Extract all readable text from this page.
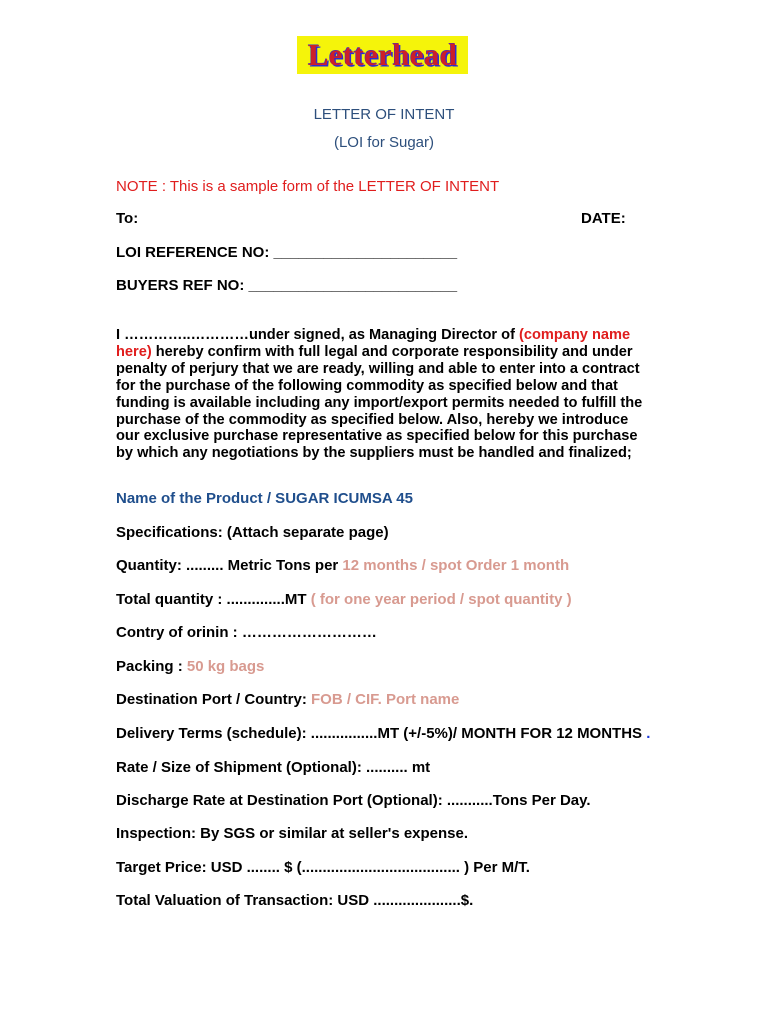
Letterhead
LETTER OF INTENT
(LOI for Sugar)
NOTE : This is a sample form of the LETTER OF INTENT
To:	DATE:
LOI REFERENCE NO: ______________________
BUYERS REF NO: _________________________
I …………..…………under signed, as Managing Director of (company name
here) hereby confirm with full legal and corporate responsibility and under
penalty of perjury that we are ready, willing and able to enter into a contract
for the purchase of the following commodity as specified below and that
funding is available including any import/export permits needed to fulfill the
purchase of the commodity as specified below. Also, hereby we introduce
our exclusive purchase representative as specified below for this purchase
by which any negotiations by the suppliers must be handled and finalized;
Name of the Product / SUGAR ICUMSA 45
Specifications: (Attach separate page)
Quantity: ......... Metric Tons per 12 months / spot Order 1 month
Total quantity : ..............MT ( for one year period / spot quantity )
Contry of orinin : ………………………
Packing : 50 kg bags
Destination Port / Country: FOB / CIF. Port name
Delivery Terms (schedule): ................MT (+/-5%)/ MONTH FOR 12 MONTHS .
Rate / Size of Shipment (Optional): .......... mt
Discharge Rate at Destination Port (Optional): ...........Tons Per Day.
Inspection: By SGS or similar at seller's expense.
Target Price: USD ........ $ (...................................... ) Per M/T.
Total Valuation of Transaction: USD .....................$.
